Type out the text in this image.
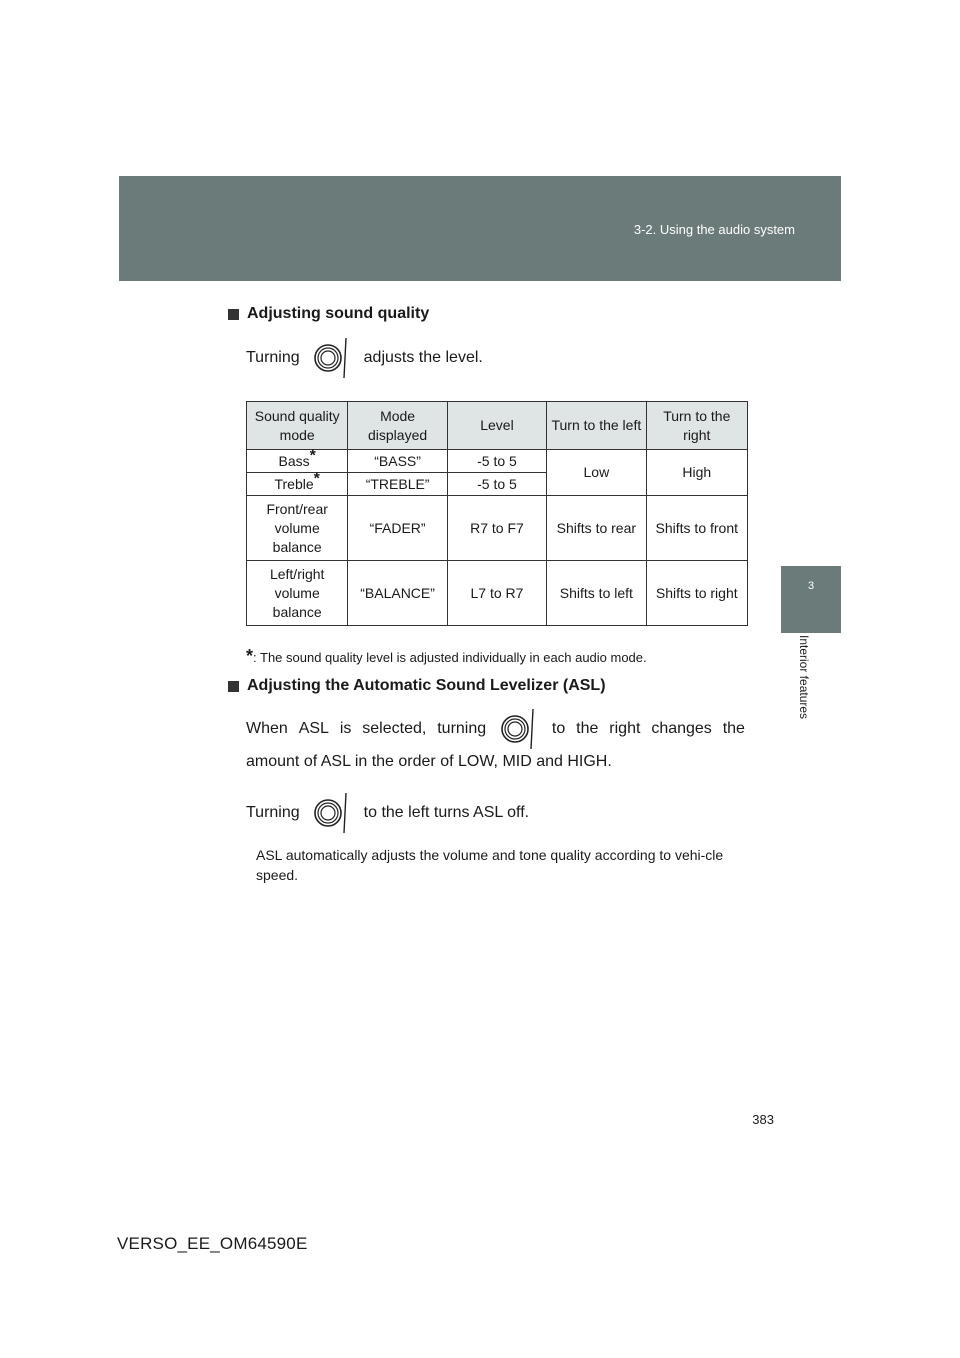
3-2. Using the audio system
3
Interior features
Adjusting sound quality
Turning	adjusts the level.
Sound quality mode	Mode displayed	Level	Turn to the left	Turn to the right
Bass*	“BASS”	-5 to 5	Low	High
Treble*	“TREBLE”	-5 to 5		
Front/rear volume balance	“FADER”	R7 to F7	Shifts to rear	Shifts to front
Left/right volume balance	“BALANCE”	L7 to R7	Shifts to left	Shifts to right
*: The sound quality level is adjusted individually in each audio mode.
Adjusting the Automatic Sound Levelizer (ASL)
When ASL is selected, turning	to the right changes the
amount of ASL in the order of LOW, MID and HIGH.
Turning	to the left turns ASL off.
ASL automatically adjusts the volume and tone quality according to vehi-cle speed.
383
VERSO_EE_OM64590E
